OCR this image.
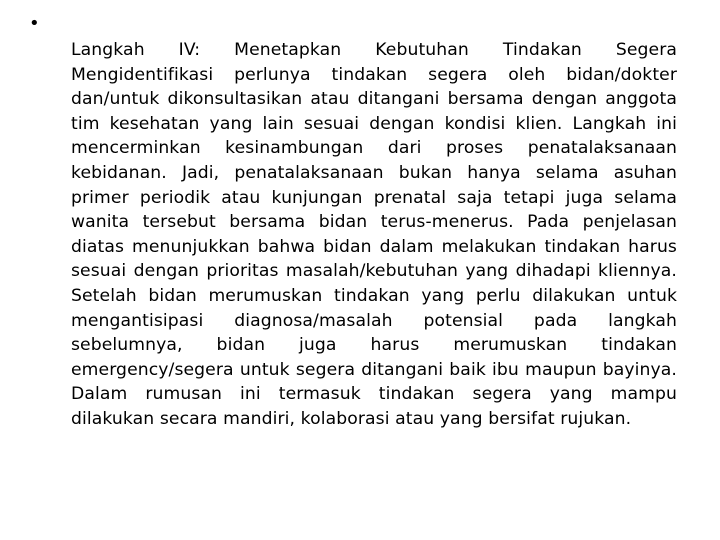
•

Langkah IV: Menetapkan Kebutuhan Tindakan Segera Mengidentifikasi perlunya tindakan segera oleh bidan/dokter dan/untuk dikonsultasikan atau ditangani bersama dengan anggota tim kesehatan yang lain sesuai dengan kondisi klien. Langkah ini mencerminkan kesinambungan dari proses penatalaksanaan kebidanan. Jadi, penatalaksanaan bukan hanya selama asuhan primer periodik atau kunjungan prenatal saja tetapi juga selama wanita tersebut bersama bidan terus-menerus. Pada penjelasan diatas menunjukkan bahwa bidan dalam melakukan tindakan harus sesuai dengan prioritas masalah/kebutuhan yang dihadapi kliennya. Setelah bidan merumuskan tindakan yang perlu dilakukan untuk mengantisipasi diagnosa/masalah potensial pada langkah sebelumnya, bidan juga harus merumuskan tindakan emergency/segera untuk segera ditangani baik ibu maupun bayinya. Dalam rumusan ini termasuk tindakan segera yang mampu dilakukan secara mandiri, kolaborasi atau yang bersifat rujukan.
